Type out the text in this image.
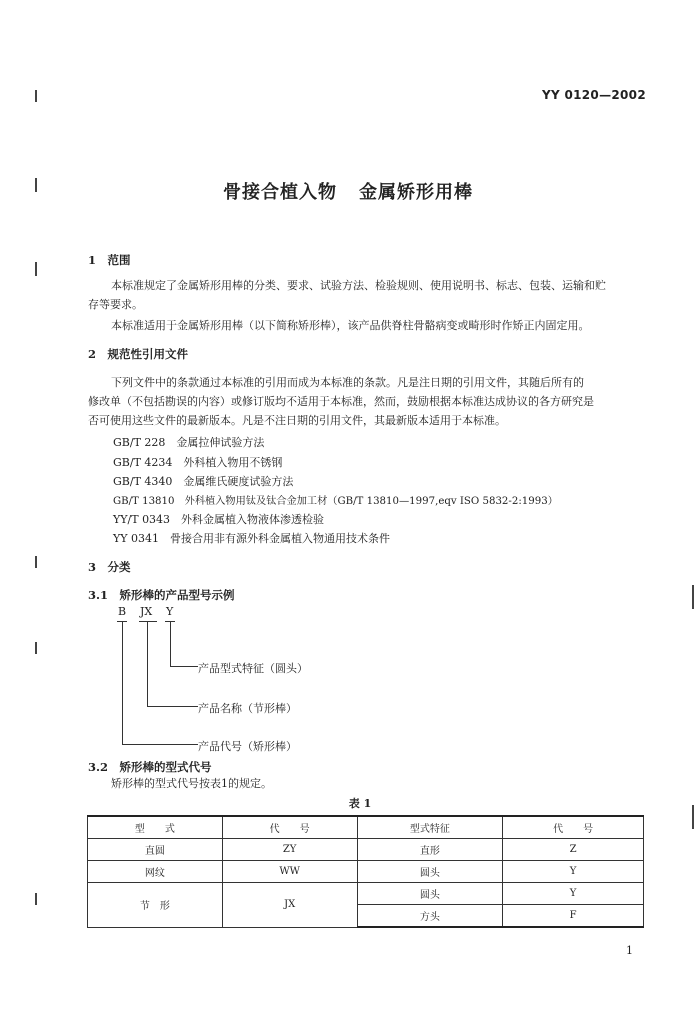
YY 0120—2002
骨接合植入物 金属矫形用棒
1　范围
本标准规定了金属矫形用棒的分类、要求、试验方法、检验规则、使用说明书、标志、包装、运输和贮
存等要求。
本标准适用于金属矫形用棒（以下简称矫形棒），该产品供脊柱骨骼病变或畸形时作矫正内固定用。
2　规范性引用文件
下列文件中的条款通过本标准的引用而成为本标准的条款。凡是注日期的引用文件，其随后所有的
修改单（不包括勘误的内容）或修订版均不适用于本标准，然而，鼓励根据本标准达成协议的各方研究是
否可使用这些文件的最新版本。凡是不注日期的引用文件，其最新版本适用于本标准。
GB/T 228　金属拉伸试验方法
GB/T 4234　外科植入物用不锈钢
GB/T 4340　金属维氏硬度试验方法
GB/T 13810　外科植入物用钛及钛合金加工材（GB/T 13810—1997,eqv ISO 5832-2:1993）
YY/T 0343　外科金属植入物液体渗透检验
YY 0341　骨接合用非有源外科金属植入物通用技术条件
3　分类
3.1　矫形棒的产品型号示例
B JX Y
产品型式特征（圆头）
产品名称（节形棒）
产品代号（矫形棒）
3.2　矫形棒的型式代号
矫形棒的型式代号按表1的规定。
表 1
型　　式	代　　号	型式特征	代　　号
直圆	ZY	直形	Z
网纹	WW	圆头	Y
节　形	JX	圆头	Y
		方头	F
1
